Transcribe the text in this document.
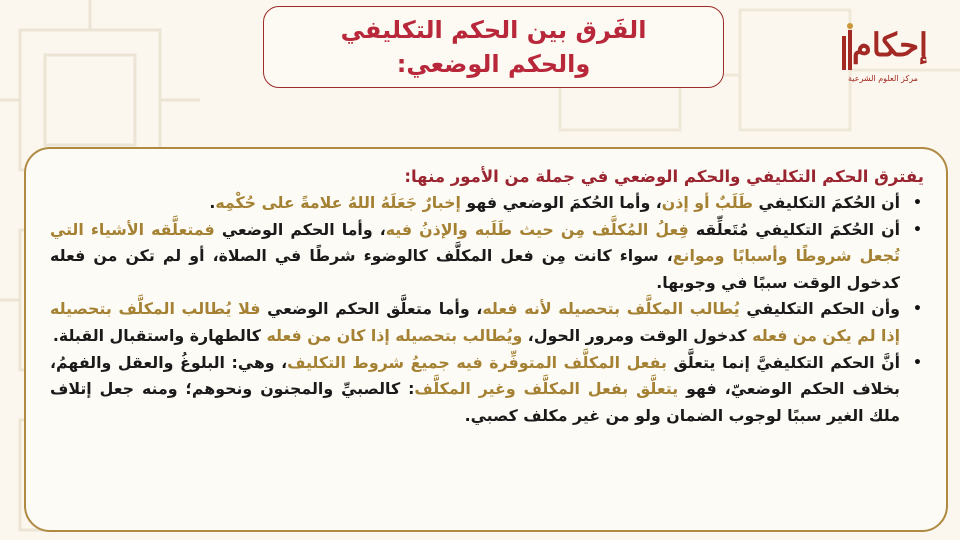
الفَرق بين الحكم التكليفي
والحكم الوضعي:	إحكام
مركز العلوم الشرعية

يفترق الحكم التكليفي والحكم الوضعي في جملة من الأمور منها:

•
أن الحُكمَ التكليفي طَلَبٌ أو إذن، وأما الحُكمَ الوضعي فهو إخبارٌ جَعَلَهُ اللهُ علامةً على حُكْمِه.
•
أن الحُكمَ التكليفي مُتَعلِّقه فِعلُ المُكلَّف مِن حيث طَلَبه والإذنُ فيه، وأما الحكم الوضعي فمتعلَّقه الأشياء التي تُجعل شروطًا وأسبابًا وموانع، سواء كانت مِن فعل المكلَّف كالوضوء شرطًا في الصلاة، أو لم تكن من فعله كدخول الوقت سببًا في وجوبها.
•
وأن الحكم التكليفي يُطالب المكلَّف بتحصيله لأنه فعله، وأما متعلَّق الحكم الوضعي فلا يُطالب المكلَّف بتحصيله إذا لم يكن من فعله كدخول الوقت ومرور الحول، ويُطالب بتحصيله إذا كان من فعله كالطهارة واستقبال القبلة.
•
أنَّ الحكم التكليفيَّ إنما يتعلَّق بفعل المكلَّف المتوفِّرة فيه جميعُ شروط التكليف، وهي: البلوغُ والعقل والفهمُ، بخلاف الحكم الوضعيّ، فهو يتعلَّق بفعل المكلَّف وغير المكلَّف: كالصبيِّ والمجنون ونحوهم؛ ومنه جعل إتلاف ملك الغير سببًا لوجوب الضمان ولو من غير مكلف كصبي.
